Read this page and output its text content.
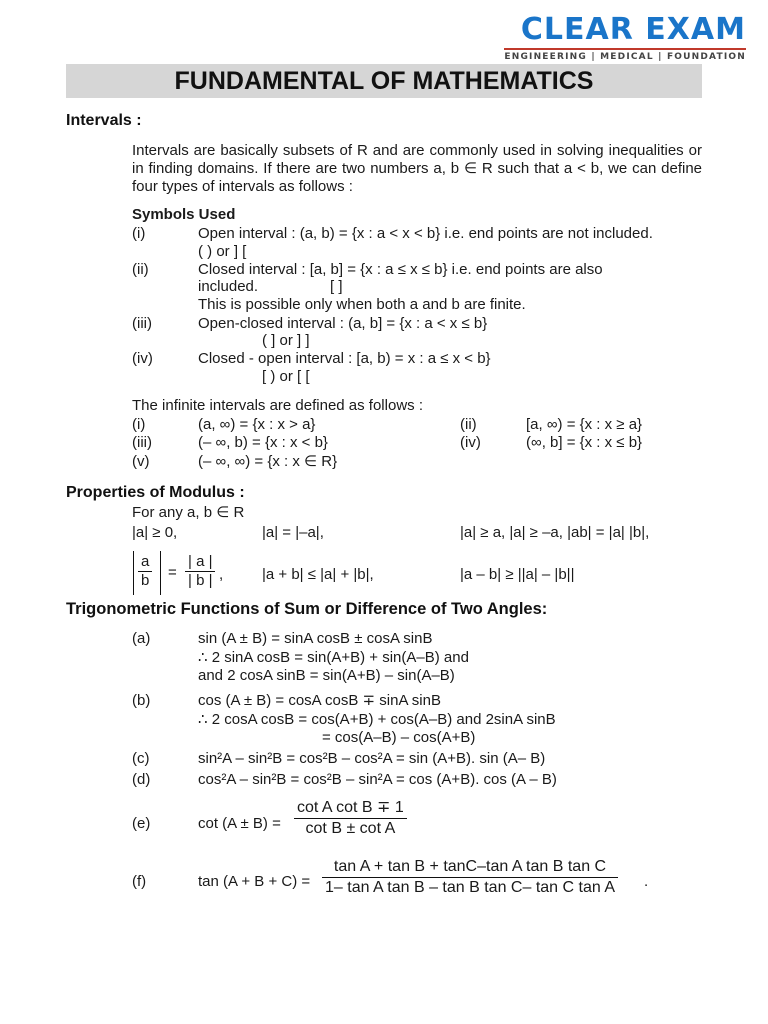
CLEAR EXAM
ENGINEERING | MEDICAL | FOUNDATION
FUNDAMENTAL OF MATHEMATICS
Intervals :
Intervals are basically subsets of R and are commonly used in solving inequalities or in finding domains. If there are two numbers a, b ∈ R such that a < b, we can define four types of intervals as follows :
Symbols Used
(i)	Open interval : (a, b) = {x : a < x < b} i.e. end points are not included.
( ) or ] [
(ii)	Closed interval : [a, b] = {x : a ≤ x ≤ b} i.e. end points are also
included.	[ ]
This is possible only when both a and b are finite.
(iii)	Open-closed interval : (a, b] = {x : a < x ≤ b}
( ] or ] ]
(iv)	Closed - open interval : [a, b) = x : a ≤ x < b}
[ ) or [ [
The infinite intervals are defined as follows :
(i)	(a, ∞) = {x : x > a}	(ii)	[a, ∞) = {x : x ≥ a}
(iii)	(– ∞, b) = {x : x < b}	(iv)	(∞, b] = {x : x ≤ b}
(v)	(– ∞, ∞) = {x : x ∈ R}
Properties of Modulus :
For any a, b ∈ R
|a| ≥ 0,	|a| = |–a|,	|a| ≥ a, |a| ≥ –a, |ab| = |a| |b|,
$\frac{a}{b} = \frac{| a |}{| b |}$ ,	|a + b| ≤ |a| + |b|,	|a – b| ≥ ||a| – |b||
Trigonometric Functions of Sum or Difference of Two Angles:
(a)	sin (A ± B) = sinA cosB ± cosA sinB
∴ 2 sinA cosB = sin(A+B) + sin(A–B) and
and 2 cosA sinB = sin(A+B) – sin(A–B)
(b)	cos (A ± B) = cosA cosB ∓ sinA sinB
∴ 2 cosA cosB = cos(A+B) + cos(A–B) and 2sinA sinB
= cos(A–B) – cos(A+B)
(c)	sin²A – sin²B = cos²B – cos²A = sin (A+B). sin (A– B)
(d)	cos²A – sin²B = cos²B – sin²A = cos (A+B). cos (A – B)
(e)	$\cot (A \pm B) = \frac{\text{cot A cot B ∓ 1}}{\text{cot B ± cot A}}$
(f)	$\tan (A + B + C) = \frac{\text{tan A + tan B + tanC–tan A tan B tan C}}{\text{1– tan A tan B – tan B tan C– tan C tan A}}$ .
